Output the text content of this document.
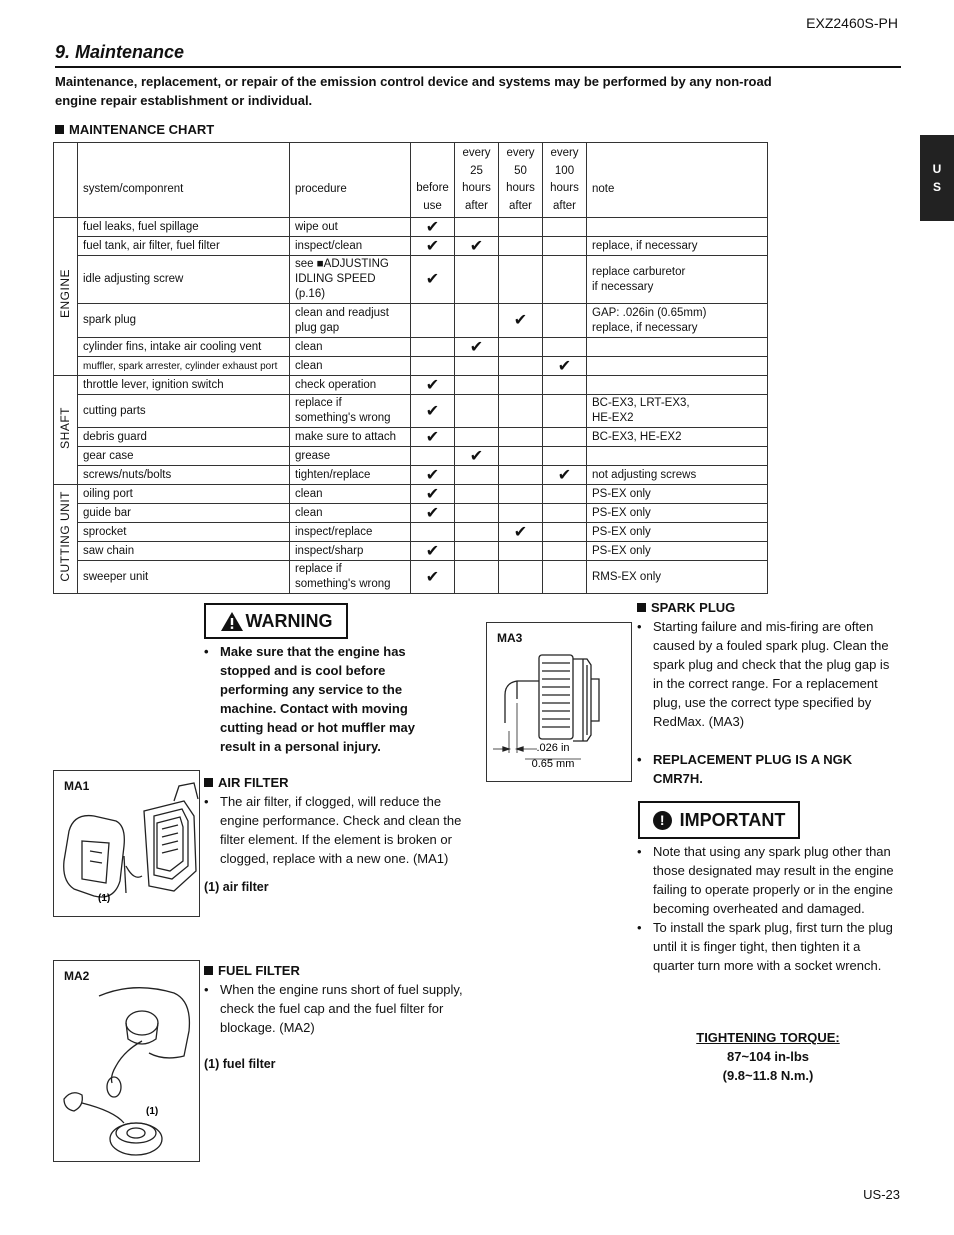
EXZ2460S-PH
9. Maintenance
Maintenance, replacement, or repair of the emission control device and systems may be performed by any non-road engine repair establishment or individual.
MAINTENANCE CHART
	system/componrent	procedure	before
use	every
25
hours
after	every
50
hours
after	every
100
hours
after	note
ENGINE	fuel leaks, fuel spillage	wipe out	✔				
	fuel tank, air filter, fuel filter	inspect/clean	✔	✔			replace, if necessary
	idle adjusting screw	see ■ADJUSTING
IDLING SPEED (p.16)	✔				replace carburetor
if necessary
	spark plug	clean and readjust
plug gap			✔		GAP: .026in (0.65mm)
replace, if necessary
	cylinder fins, intake air cooling vent	clean		✔			
	muffler, spark arrester, cylinder exhaust port	clean				✔	
SHAFT	throttle lever, ignition switch	check operation	✔				
	cutting parts	replace if
something's wrong	✔				BC-EX3, LRT-EX3,
HE-EX2
	debris guard	make sure to attach	✔				BC-EX3, HE-EX2
	gear case	grease		✔			
	screws/nuts/bolts	tighten/replace	✔			✔	not adjusting screws
CUTTING UNIT	oiling port	clean	✔				PS-EX only
	guide bar	clean	✔				PS-EX only
	sprocket	inspect/replace			✔		PS-EX only
	saw chain	inspect/sharp	✔				PS-EX only
	sweeper unit	replace if
something's wrong	✔				RMS-EX only
U
S
WARNING
• Make sure that the engine has stopped and is cool before performing any service to the machine. Contact with moving cutting head or hot muffler may result in a personal injury.
MA1
(1)
AIR FILTER
• The air filter, if clogged, will reduce the engine performance. Check and clean the filter element. If the element is broken or clogged, replace with a new one. (MA1)
(1) air filter
MA2
(1)
FUEL FILTER
• When the engine runs short of fuel supply, check the fuel cap and the fuel filter for blockage. (MA2)
(1) fuel filter
MA3
.026 in
0.65 mm
SPARK PLUG
• Starting failure and mis-firing are often caused by a fouled spark plug. Clean the spark plug and check that the plug gap is in the correct range. For a replacement plug, use the correct type specified by RedMax. (MA3)
• REPLACEMENT PLUG IS A NGK CMR7H.
! IMPORTANT
• Note that using any spark plug other than those designated may result in the engine failing to operate properly or in the engine becoming overheated and damaged.
• To install the spark plug, first turn the plug until it is finger tight, then tighten it a quarter turn more with a socket wrench.
TIGHTENING TORQUE:
87~104 in-lbs
(9.8~11.8 N.m.)
US-23
